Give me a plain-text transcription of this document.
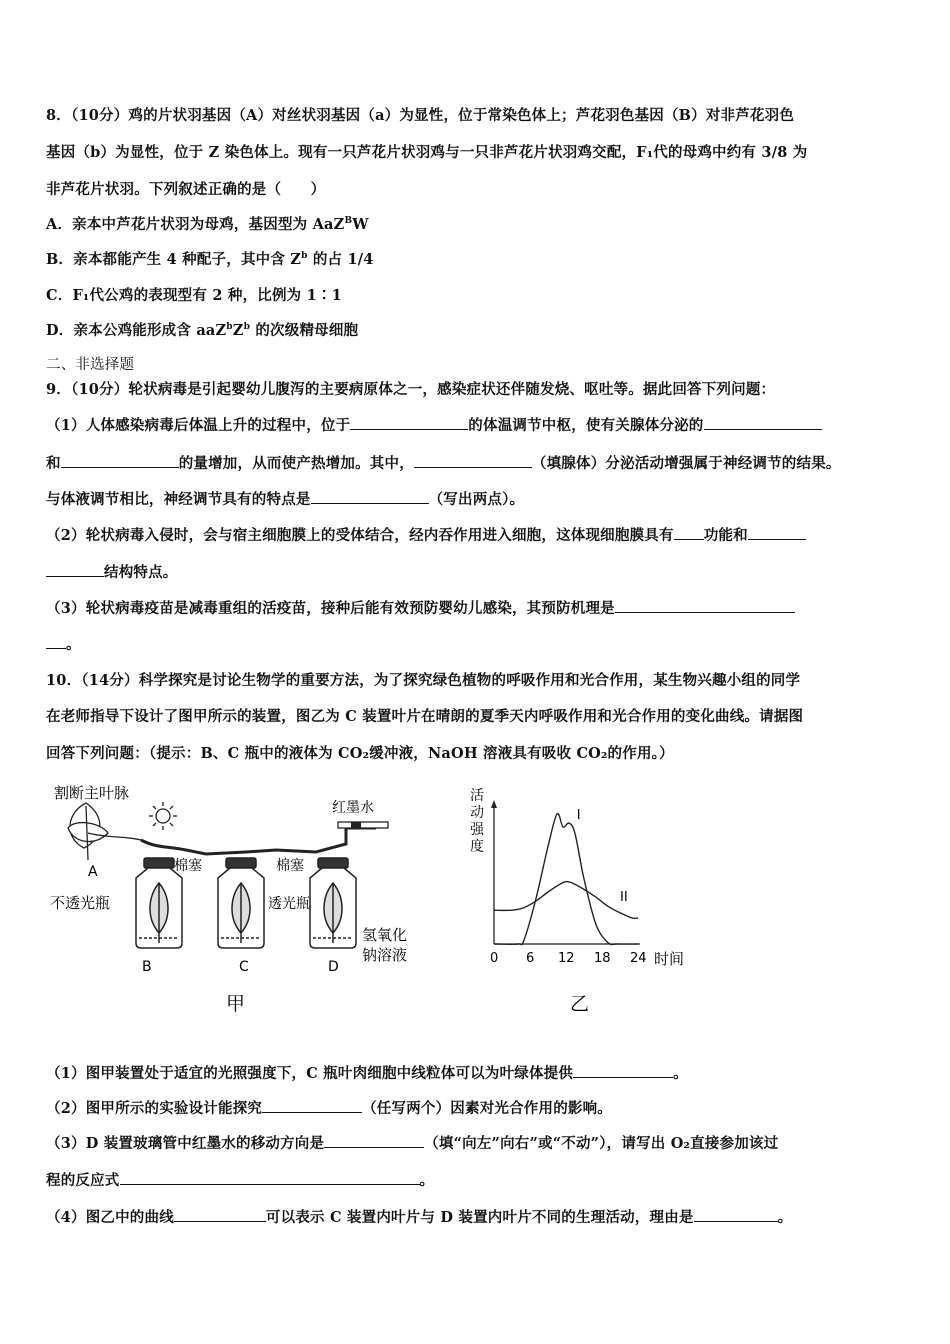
8．（10分）鸡的片状羽基因（A）对丝状羽基因（a）为显性，位于常染色体上；芦花羽色基因（B）对非芦花羽色
基因（b）为显性，位于 Z 染色体上。现有一只芦花片状羽鸡与一只非芦花片状羽鸡交配，F₁代的母鸡中约有 3/8 为
非芦花片状羽。下列叙述正确的是（　　）
A．亲本中芦花片状羽为母鸡，基因型为 AaZ$^B$W
B．亲本都能产生 4 种配子，其中含 $Z^b$ 的占 1/4
C．F₁代公鸡的表现型有 2 种，比例为 1∶1
D．亲本公鸡能形成含 $aaZ^bZ^b$ 的次级精母细胞
二、非选择题
9．（10分）轮状病毒是引起婴幼儿腹泻的主要病原体之一，感染症状还伴随发烧、呕吐等。据此回答下列问题：
（1）人体感染病毒后体温上升的过程中，位于	的体温调节中枢，使有关腺体分泌的
和	的量增加，从而使产热增加。其中，	（填腺体）分泌活动增强属于神经调节的结果。
与体液调节相比，神经调节具有的特点是	（写出两点）。
（2）轮状病毒入侵时，会与宿主细胞膜上的受体结合，经内吞作用进入细胞，这体现细胞膜具有 功能和
结构特点。
（3）轮状病毒疫苗是减毒重组的活疫苗，接种后能有效预防婴幼儿感染，其预防机理是
。
10．（14分）科学探究是讨论生物学的重要方法，为了探究绿色植物的呼吸作用和光合作用，某生物兴趣小组的同学
在老师指导下设计了图甲所示的装置，图乙为 C 装置叶片在晴朗的夏季天内呼吸作用和光合作用的变化曲线。请据图
回答下列问题：（提示：B、C 瓶中的液体为 CO₂缓冲液，NaOH 溶液具有吸收 CO₂的作用。）
割断主叶脉
A
红墨水
棉塞	棉塞
不透光瓶	透光瓶
氢氧化
钠溶液
B	C	D
甲
活
动
强
度
0 6 12 18 24 时间
I
II
乙
（1）图甲装置处于适宜的光照强度下，C 瓶叶肉细胞中线粒体可以为叶绿体提供	。
（2）图甲所示的实验设计能探究	（任写两个）因素对光合作用的影响。
（3）D 装置玻璃管中红墨水的移动方向是	（填“向左”向右”或“不动”），请写出 O₂直接参加该过
程的反应式	。
（4）图乙中的曲线	可以表示 C 装置内叶片与 D 装置内叶片不同的生理活动，理由是	。
